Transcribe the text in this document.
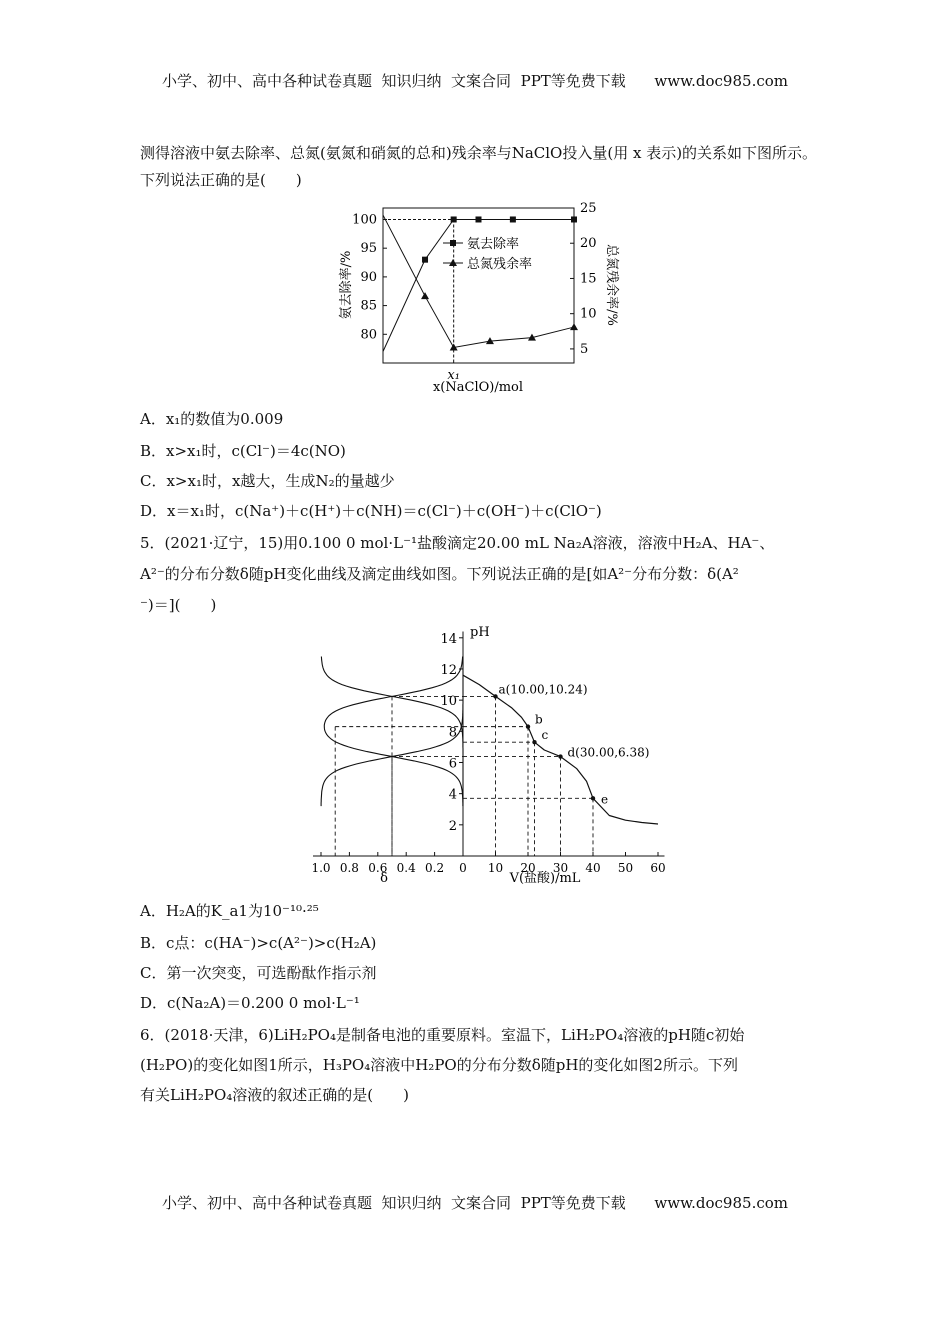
小学、初中、高中各种试卷真题  知识归纳  文案合同  PPT等免费下载      www.doc985.com
测得溶液中氨去除率、总氮(氨氮和硝氮的总和)残余率与NaClO投入量(用 x 表示)的关系如下图所示。下列说法正确的是(　　)
80
85
90
95
100
5
10
15
20
25
x₁
氨去除率
总氮残余率
氨去除率/%	总氮残余率/%
x(NaClO)/mol
A．x₁的数值为0.009
B．x>x₁时，c(Cl⁻)＝4c(NO)
C．x>x₁时，x越大，生成N₂的量越少
D．x＝x₁时，c(Na⁺)＋c(H⁺)＋c(NH)＝c(Cl⁻)＋c(OH⁻)＋c(ClO⁻)
5．(2021·辽宁，15)用0.100 0 mol·L⁻¹盐酸滴定20.00 mL Na₂A溶液，溶液中H₂A、HA⁻、
A²⁻的分布分数δ随pH变化曲线及滴定曲线如图。下列说法正确的是[如A²⁻分布分数：δ(A²
⁻)＝](　　)
2
4
6
8
10
12
14
1.0 0.8 0.6 0.4 0.2 0 10 20 30 40 50 60
a(10.00,10.24)
b
c
d(30.00,6.38)
e
δ	V(盐酸)/mL
pH
A．H₂A的K_a1为10⁻¹⁰·²⁵
B．c点：c(HA⁻)>c(A²⁻)>c(H₂A)
C．第一次突变，可选酚酞作指示剂
D．c(Na₂A)＝0.200 0 mol·L⁻¹
6．(2018·天津，6)LiH₂PO₄是制备电池的重要原料。室温下，LiH₂PO₄溶液的pH随c初始
(H₂PO)的变化如图1所示，H₃PO₄溶液中H₂PO的分布分数δ随pH的变化如图2所示。下列
有关LiH₂PO₄溶液的叙述正确的是(　　)
小学、初中、高中各种试卷真题  知识归纳  文案合同  PPT等免费下载      www.doc985.com
